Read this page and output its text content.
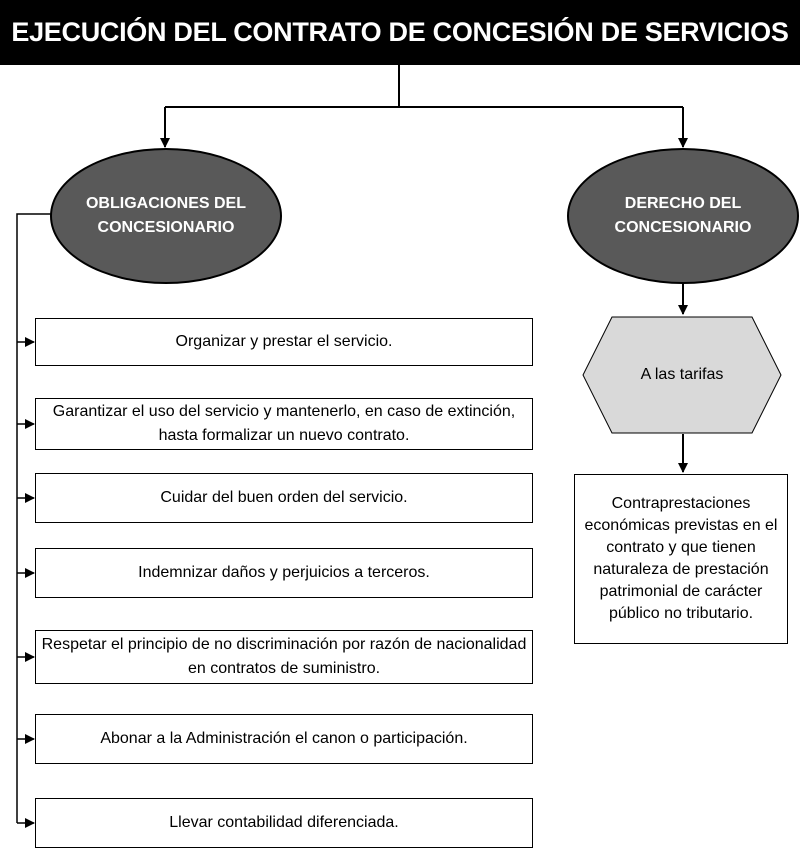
EJECUCIÓN DEL CONTRATO DE CONCESIÓN DE SERVICIOS
OBLIGACIONES DEL
CONCESIONARIO
DERECHO DEL
CONCESIONARIO
Organizar y prestar el servicio.
Garantizar el uso del servicio y mantenerlo, en caso de extinción, hasta formalizar un nuevo contrato.
Cuidar del buen orden del servicio.
Indemnizar daños y perjuicios a terceros.
Respetar el principio de no discriminación por razón de nacionalidad en contratos de suministro.
Abonar a la Administración el canon o participación.
Llevar contabilidad diferenciada.
A las tarifas
Contraprestaciones económicas previstas en el contrato y que tienen naturaleza de prestación patrimonial de carácter público no tributario.
